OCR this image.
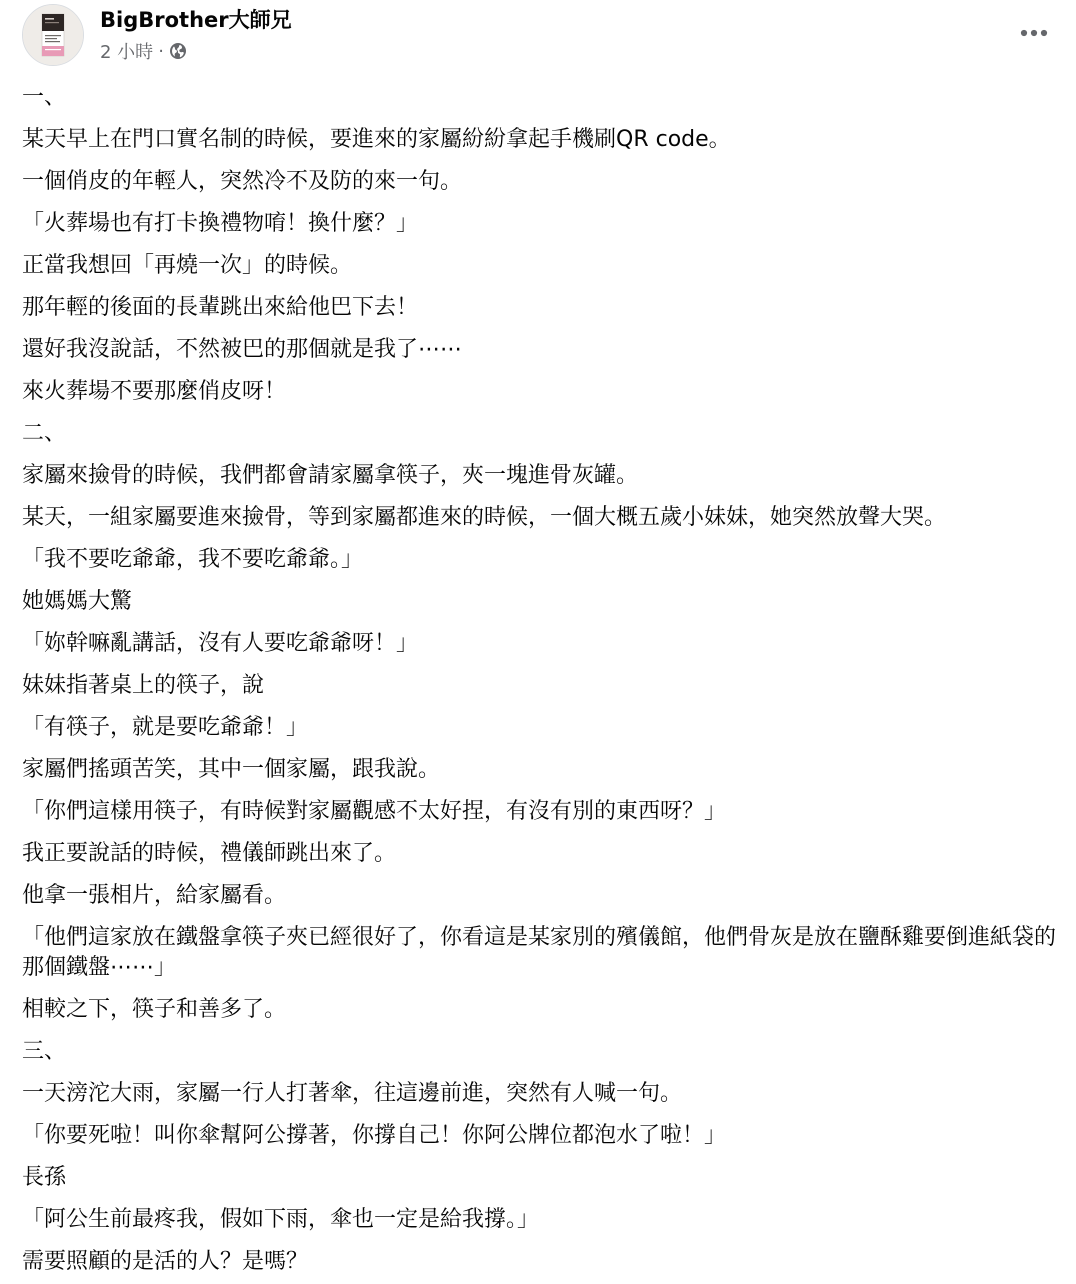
BigBrother大師兄
2 小時 ·

一、

某天早上在門口實名制的時候，要進來的家屬紛紛拿起手機刷QR code。

一個俏皮的年輕人，突然冷不及防的來一句。

「火葬場也有打卡換禮物唷！換什麼？」

正當我想回「再燒一次」的時候。

那年輕的後面的長輩跳出來給他巴下去！

還好我沒說話，不然被巴的那個就是我了⋯⋯

來火葬場不要那麼俏皮呀！

二、

家屬來撿骨的時候，我們都會請家屬拿筷子，夾一塊進骨灰罐。

某天，一組家屬要進來撿骨，等到家屬都進來的時候，一個大概五歲小妹妹，她突然放聲大哭。

「我不要吃爺爺，我不要吃爺爺。」

她媽媽大驚

「妳幹嘛亂講話，沒有人要吃爺爺呀！」

妹妹指著桌上的筷子，說

「有筷子，就是要吃爺爺！」

家屬們搖頭苦笑，其中一個家屬，跟我說。

「你們這樣用筷子，有時候對家屬觀感不太好捏，有沒有別的東西呀？」

我正要說話的時候，禮儀師跳出來了。

他拿一張相片，給家屬看。

「他們這家放在鐵盤拿筷子夾已經很好了，你看這是某家別的殯儀館，他們骨灰是放在鹽酥雞要倒進紙袋的那個鐵盤⋯⋯」

相較之下，筷子和善多了。

三、

一天滂沱大雨，家屬一行人打著傘，往這邊前進，突然有人喊一句。

「你要死啦！叫你傘幫阿公撐著，你撐自己！你阿公牌位都泡水了啦！」

長孫

「阿公生前最疼我，假如下雨，傘也一定是給我撐。」

需要照顧的是活的人？是嗎？
